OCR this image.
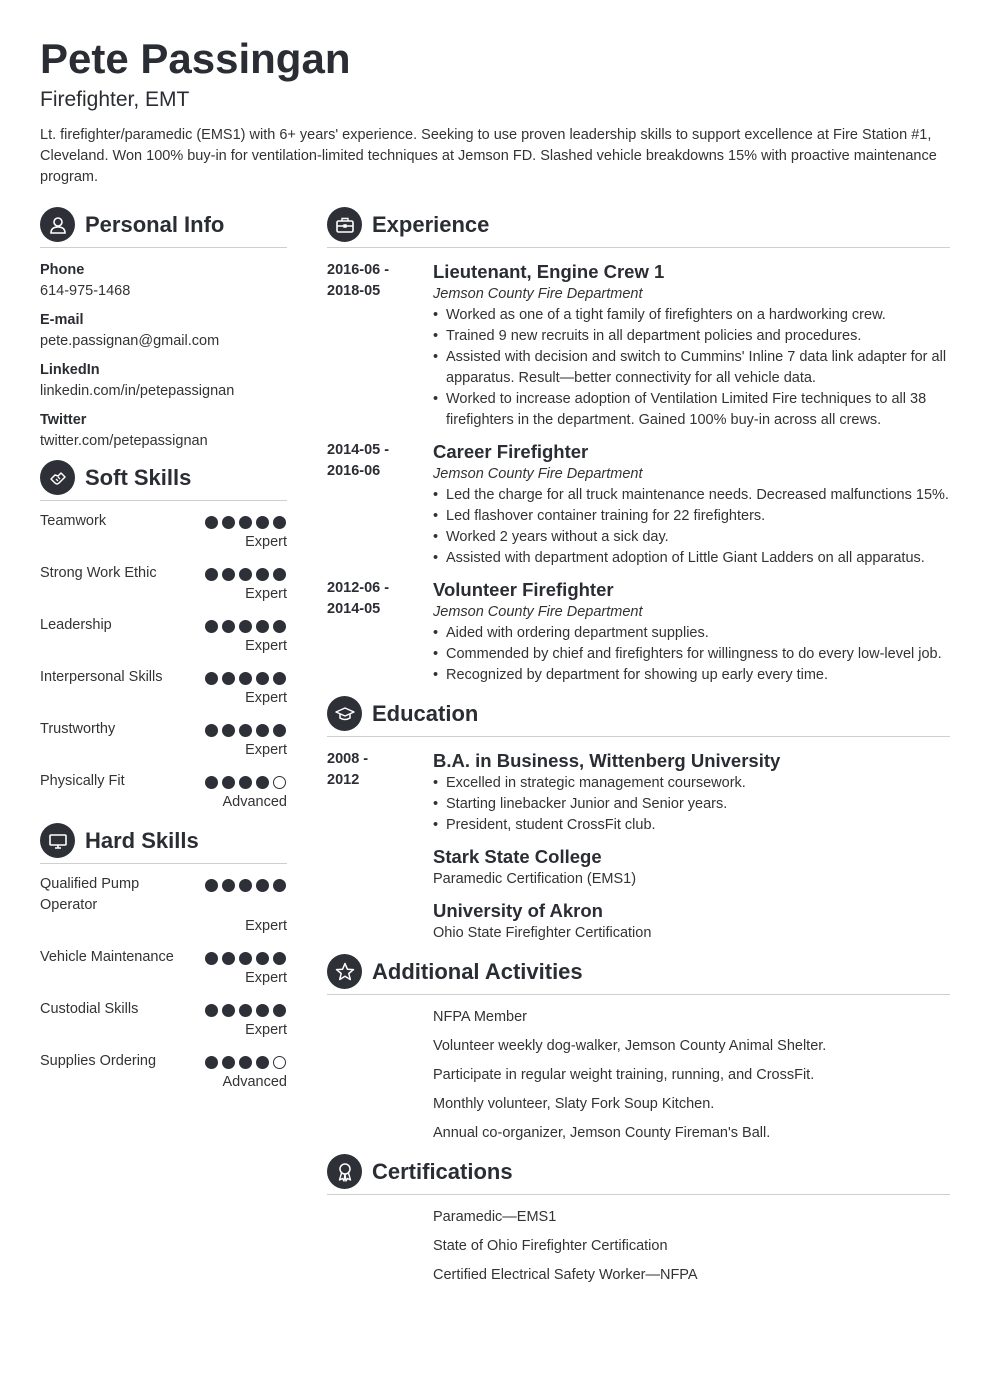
Pete Passingan
Firefighter, EMT
Lt. firefighter/paramedic (EMS1) with 6+ years' experience. Seeking to use proven leadership skills to support excellence at Fire Station #1, Cleveland. Won 100% buy-in for ventilation-limited techniques at Jemson FD. Slashed vehicle breakdowns 15% with proactive maintenance program.
Personal Info
Phone
614-975-1468
E-mail
pete.passignan@gmail.com
LinkedIn
linkedin.com/in/petepassignan
Twitter
twitter.com/petepassignan
Soft Skills
Teamwork
Expert
Strong Work Ethic
Expert
Leadership
Expert
Interpersonal Skills
Expert
Trustworthy
Expert
Physically Fit
Advanced
Hard Skills
Qualified Pump Operator
Expert
Vehicle Maintenance
Expert
Custodial Skills
Expert
Supplies Ordering
Advanced
Experience
2016-06 -
2018-05
Lieutenant, Engine Crew 1
Jemson County Fire Department
• Worked as one of a tight family of firefighters on a hardworking crew.
• Trained 9 new recruits in all department policies and procedures.
• Assisted with decision and switch to Cummins' Inline 7 data link adapter for all apparatus. Result—better connectivity for all vehicle data.
• Worked to increase adoption of Ventilation Limited Fire techniques to all 38 firefighters in the department. Gained 100% buy-in across all crews.
2014-05 -
2016-06
Career Firefighter
Jemson County Fire Department
• Led the charge for all truck maintenance needs. Decreased malfunctions 15%.
• Led flashover container training for 22 firefighters.
• Worked 2 years without a sick day.
• Assisted with department adoption of Little Giant Ladders on all apparatus.
2012-06 -
2014-05
Volunteer Firefighter
Jemson County Fire Department
• Aided with ordering department supplies.
• Commended by chief and firefighters for willingness to do every low-level job.
• Recognized by department for showing up early every time.
Education
2008 -
2012
B.A. in Business, Wittenberg University
• Excelled in strategic management coursework.
• Starting linebacker Junior and Senior years.
• President, student CrossFit club.
Stark State College
Paramedic Certification (EMS1)
University of Akron
Ohio State Firefighter Certification
Additional Activities
NFPA Member
Volunteer weekly dog-walker, Jemson County Animal Shelter.
Participate in regular weight training, running, and CrossFit.
Monthly volunteer, Slaty Fork Soup Kitchen.
Annual co-organizer, Jemson County Fireman's Ball.
Certifications
Paramedic—EMS1
State of Ohio Firefighter Certification
Certified Electrical Safety Worker—NFPA
